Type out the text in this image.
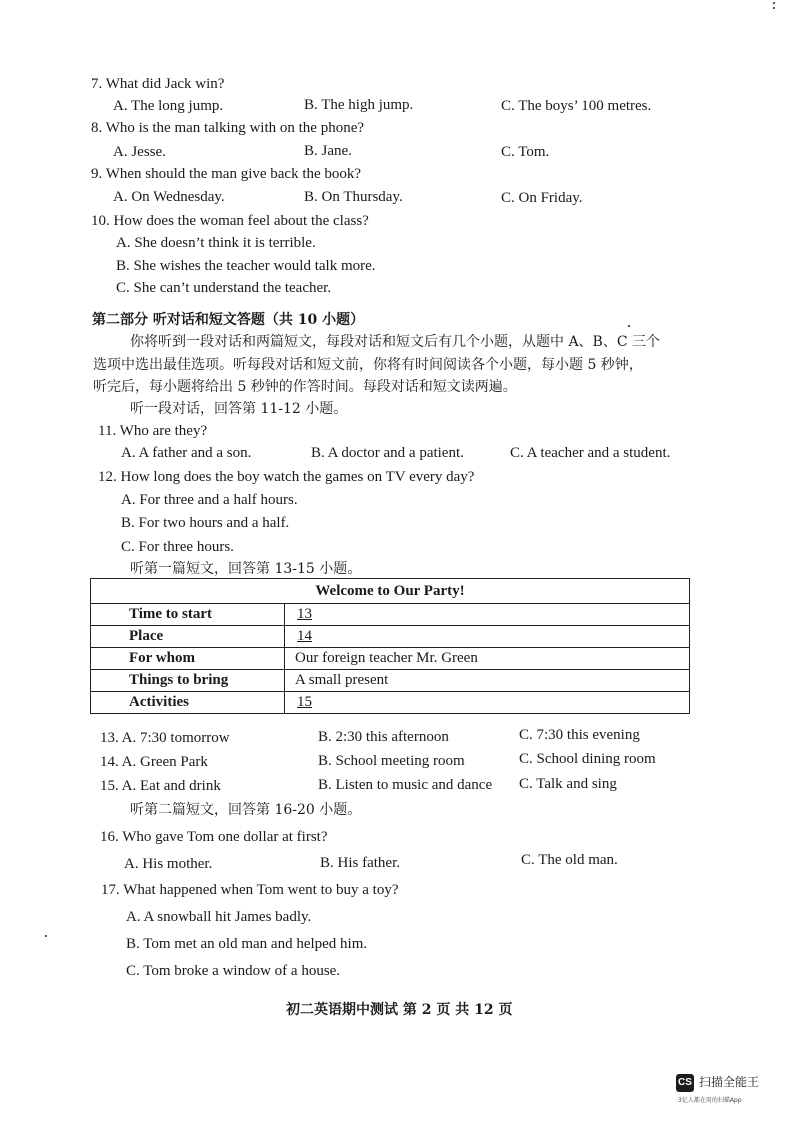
7. What did Jack win?
A. The long jump.	B. The high jump.	C. The boys’ 100 metres.
8. Who is the man talking with on the phone?
A. Jesse.	B. Jane.	C. Tom.
9. When should the man give back the book?
A. On Wednesday.	B. On Thursday.	C. On Friday.
10. How does the woman feel about the class?
A. She doesn’t think it is terrible.
B. She wishes the teacher would talk more.
C. She can’t understand the teacher.
第二部分 听对话和短文答题（共 10 小题）
你将听到一段对话和两篇短文，每段对话和短文后有几个小题，从题中 A、B、C 三个
选项中选出最佳选项。听每段对话和短文前，你将有时间阅读各个小题，每小题 5 秒钟，
听完后，每小题将给出 5 秒钟的作答时间。每段对话和短文读两遍。
听一段对话，回答第 11-12 小题。
11. Who are they?
A. A father and a son.	B. A doctor and a patient.	C. A teacher and a student.
12. How long does the boy watch the games on TV every day?
A. For three and a half hours.
B. For two hours and a half.
C. For three hours.
听第一篇短文，回答第 13-15 小题。
Welcome to Our Party!	
Time to start	13
Place	14
For whom	Our foreign teacher Mr. Green
Things to bring	A small present
Activities	15
13. A. 7:30 tomorrow	B. 2:30 this afternoon	C. 7:30 this evening
14. A. Green Park	B. School meeting room	C. School dining room
15. A. Eat and drink	B. Listen to music and dance C. Talk and sing
听第二篇短文，回答第 16-20 小题。
16. Who gave Tom one dollar at first?
A. His mother.	B. His father.	C. The old man.
17. What happened when Tom went to buy a toy?
A. A snowball hit James badly.
B. Tom met an old man and helped him.
C. Tom broke a window of a house.
初二英语期中测试 第 2 页 共 12 页
CS 扫描全能王
3亿人都在用的扫描App
